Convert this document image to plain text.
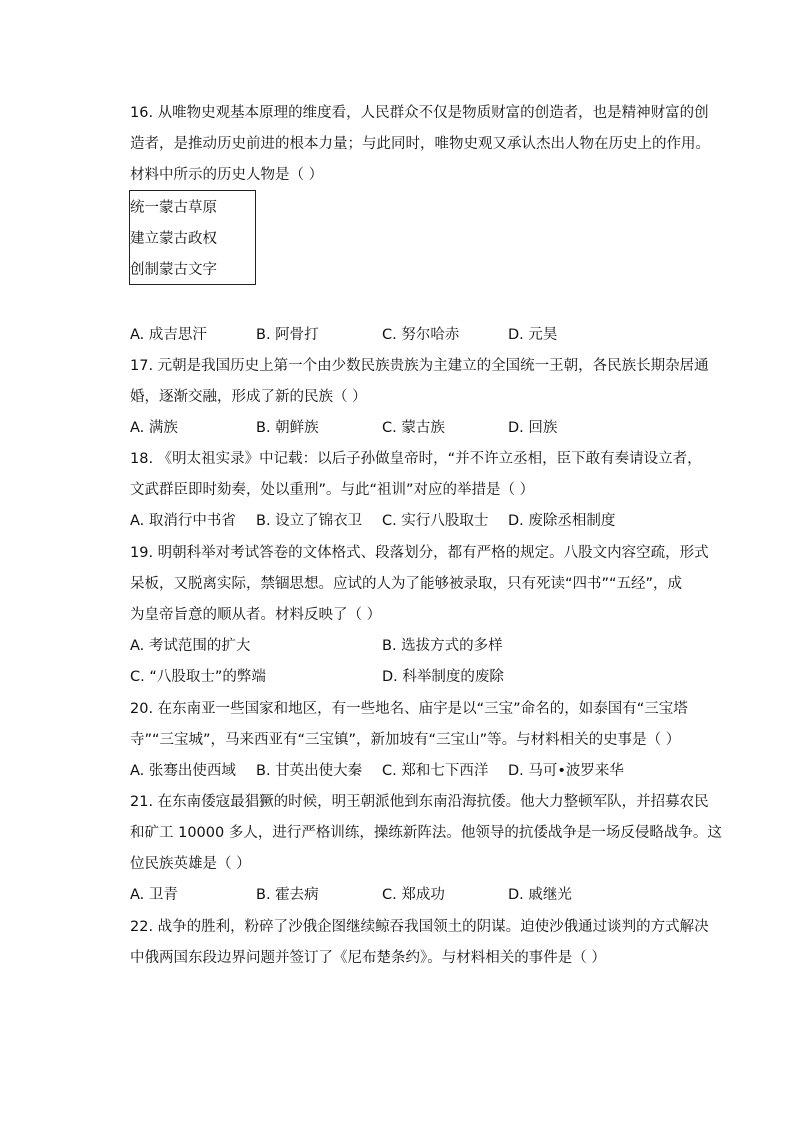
16. 从唯物史观基本原理的维度看，人民群众不仅是物质财富的创造者，也是精神财富的创
造者，是推动历史前进的根本力量；与此同时，唯物史观又承认杰出人物在历史上的作用。
材料中所示的历史人物是（ ）
统一蒙古草原
建立蒙古政权
创制蒙古文字
A. 成吉思汗	B. 阿骨打	C. 努尔哈赤	D. 元昊
17. 元朝是我国历史上第一个由少数民族贵族为主建立的全国统一王朝，各民族长期杂居通
婚，逐渐交融，形成了新的民族（ ）
A. 满族	B. 朝鲜族	C. 蒙古族	D. 回族
18. 《明太祖实录》中记载：以后子孙做皇帝时，“并不许立丞相，臣下敢有奏请设立者，
文武群臣即时劾奏，处以重刑”。与此“祖训”对应的举措是（ ）
A. 取消行中书省 B. 设立了锦衣卫 C. 实行八股取士 D. 废除丞相制度
19. 明朝科举对考试答卷的文体格式、段落划分，都有严格的规定。八股文内容空疏，形式
呆板，又脱离实际，禁锢思想。应试的人为了能够被录取，只有死读“四书”“五经”，成
为皇帝旨意的顺从者。材料反映了（ ）
A. 考试范围的扩大	B. 选拔方式的多样
C. “八股取士”的弊端	D. 科举制度的废除
20. 在东南亚一些国家和地区，有一些地名、庙宇是以“三宝”命名的，如泰国有“三宝塔
寺”“三宝城”，马来西亚有“三宝镇”，新加坡有“三宝山”等。与材料相关的史事是（ ）
A. 张骞出使西域 B. 甘英出使大秦 C. 郑和七下西洋 D. 马可•波罗来华
21. 在东南倭寇最猖獗的时候，明王朝派他到东南沿海抗倭。他大力整顿军队，并招募农民
和矿工 10000 多人，进行严格训练，操练新阵法。他领导的抗倭战争是一场反侵略战争。这
位民族英雄是（ ）
A. 卫青	B. 霍去病	C. 郑成功	D. 戚继光
22. 战争的胜利，粉碎了沙俄企图继续鲸吞我国领土的阴谋。迫使沙俄通过谈判的方式解决
中俄两国东段边界问题并签订了《尼布楚条约》。与材料相关的事件是（ ）
